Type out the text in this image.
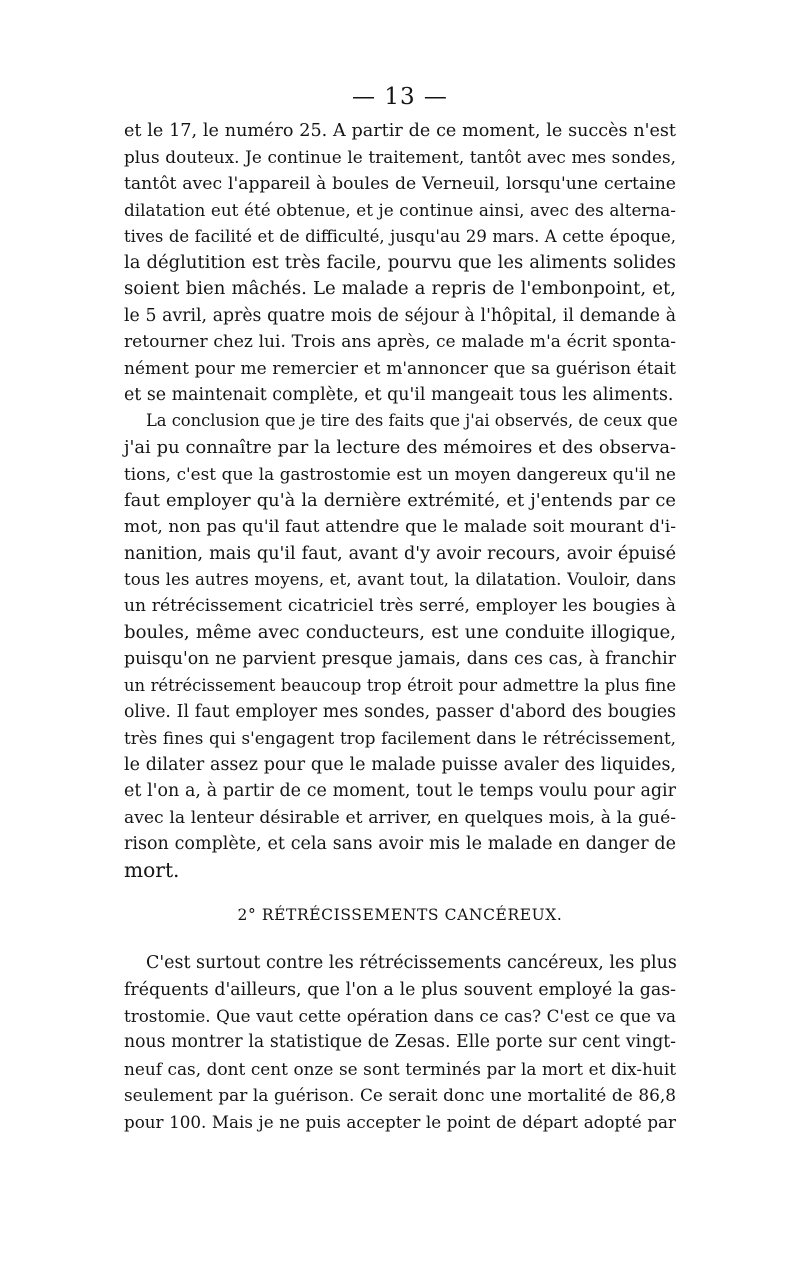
— 13 —
et le 17, le numéro 25. A partir de ce moment, le succès n'est
plus douteux. Je continue le traitement, tantôt avec mes sondes,
tantôt avec l'appareil à boules de Verneuil, lorsqu'une certaine
dilatation eut été obtenue, et je continue ainsi, avec des alterna-
tives de facilité et de difficulté, jusqu'au 29 mars. A cette époque,
la déglutition est très facile, pourvu que les aliments solides
soient bien mâchés. Le malade a repris de l'embonpoint, et,
le 5 avril, après quatre mois de séjour à l'hôpital, il demande à
retourner chez lui. Trois ans après, ce malade m'a écrit sponta-
nément pour me remercier et m'annoncer que sa guérison était
et se maintenait complète, et qu'il mangeait tous les aliments.
La conclusion que je tire des faits que j'ai observés, de ceux que
j'ai pu connaître par la lecture des mémoires et des observa-
tions, c'est que la gastrostomie est un moyen dangereux qu'il ne
faut employer qu'à la dernière extrémité, et j'entends par ce
mot, non pas qu'il faut attendre que le malade soit mourant d'i-
nanition, mais qu'il faut, avant d'y avoir recours, avoir épuisé
tous les autres moyens, et, avant tout, la dilatation. Vouloir, dans
un rétrécissement cicatriciel très serré, employer les bougies à
boules, même avec conducteurs, est une conduite illogique,
puisqu'on ne parvient presque jamais, dans ces cas, à franchir
un rétrécissement beaucoup trop étroit pour admettre la plus fine
olive. Il faut employer mes sondes, passer d'abord des bougies
très fines qui s'engagent trop facilement dans le rétrécissement,
le dilater assez pour que le malade puisse avaler des liquides,
et l'on a, à partir de ce moment, tout le temps voulu pour agir
avec la lenteur désirable et arriver, en quelques mois, à la gué-
rison complète, et cela sans avoir mis le malade en danger de
mort.
2° RÉTRÉCISSEMENTS CANCÉREUX.
C'est surtout contre les rétrécissements cancéreux, les plus
fréquents d'ailleurs, que l'on a le plus souvent employé la gas-
trostomie. Que vaut cette opération dans ce cas? C'est ce que va
nous montrer la statistique de Zesas. Elle porte sur cent vingt-
neuf cas, dont cent onze se sont terminés par la mort et dix-huit
seulement par la guérison. Ce serait donc une mortalité de 86,8
pour 100. Mais je ne puis accepter le point de départ adopté par
